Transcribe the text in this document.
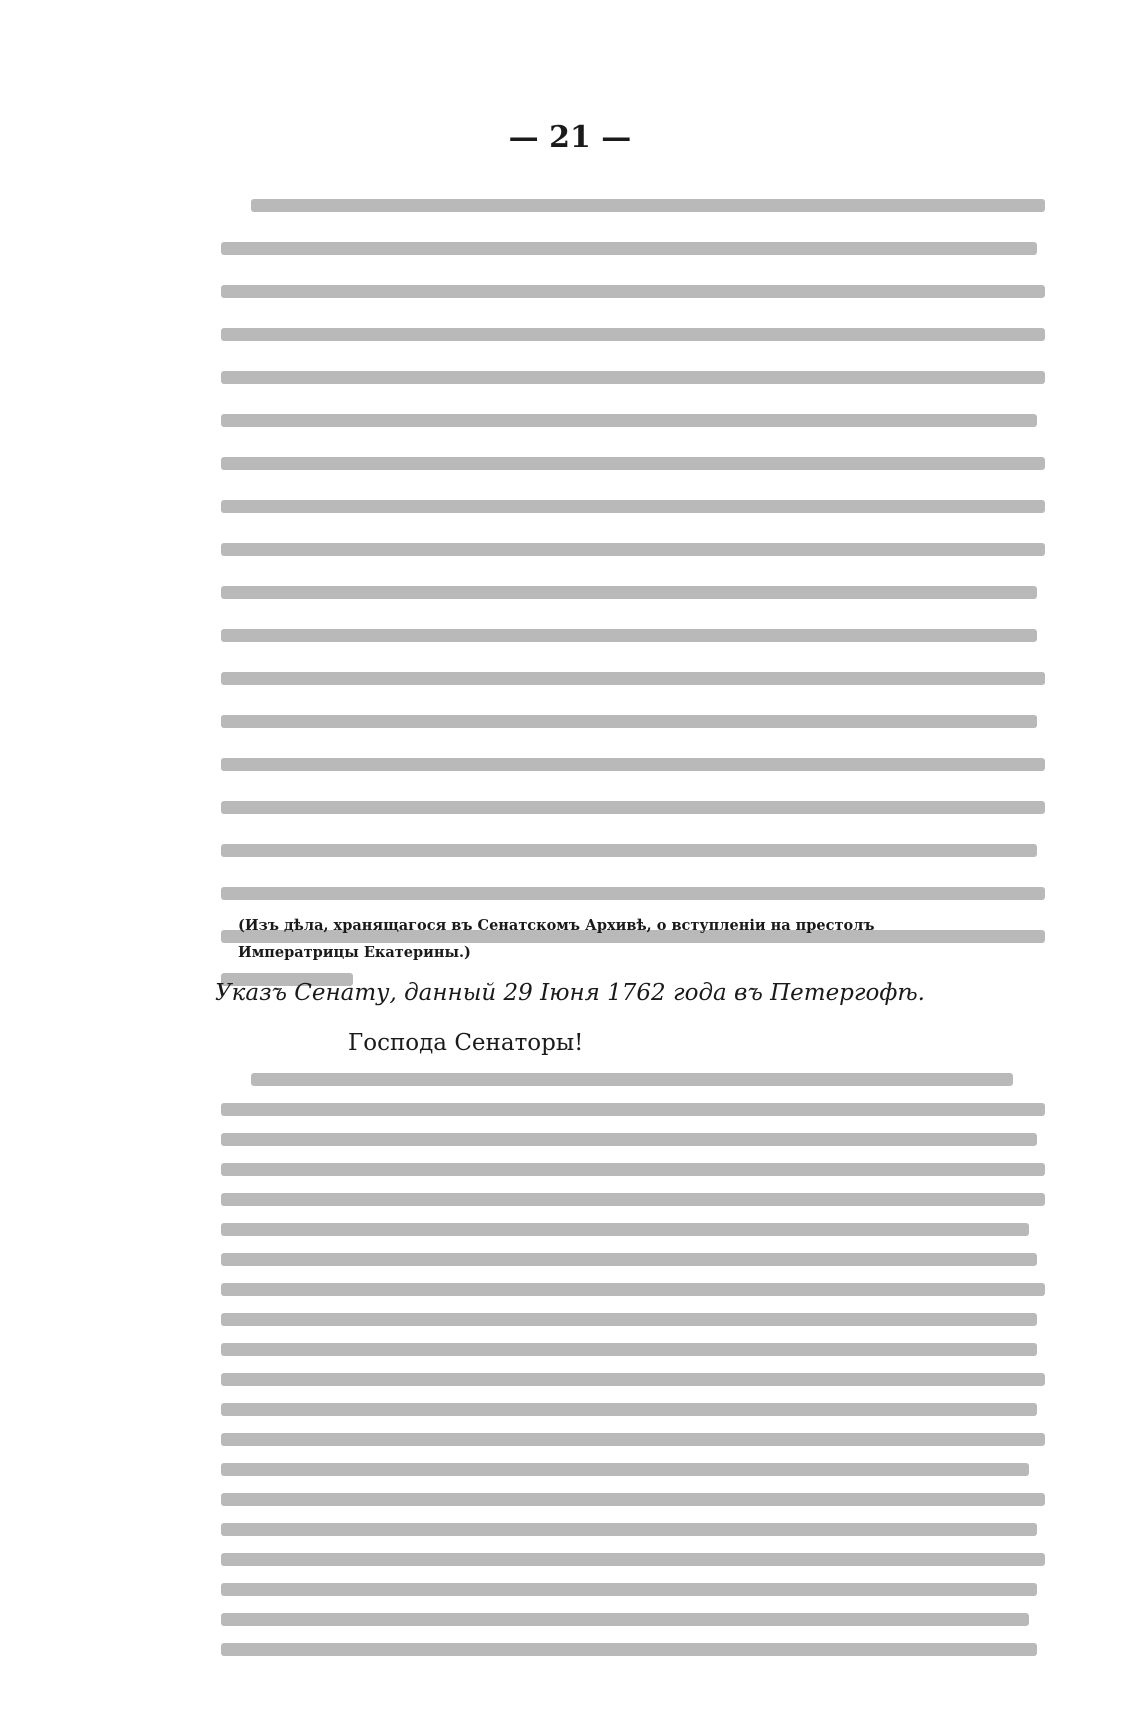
— 21 —
(Изъ дѣла, хранящагося въ Сенатскомъ Архивѣ, о вступленіи на престолъ
Императрицы Екатерины.)
Указъ Сенату, данный 29 Іюня 1762 года въ Петергофѣ.
Господа Сенаторы!
